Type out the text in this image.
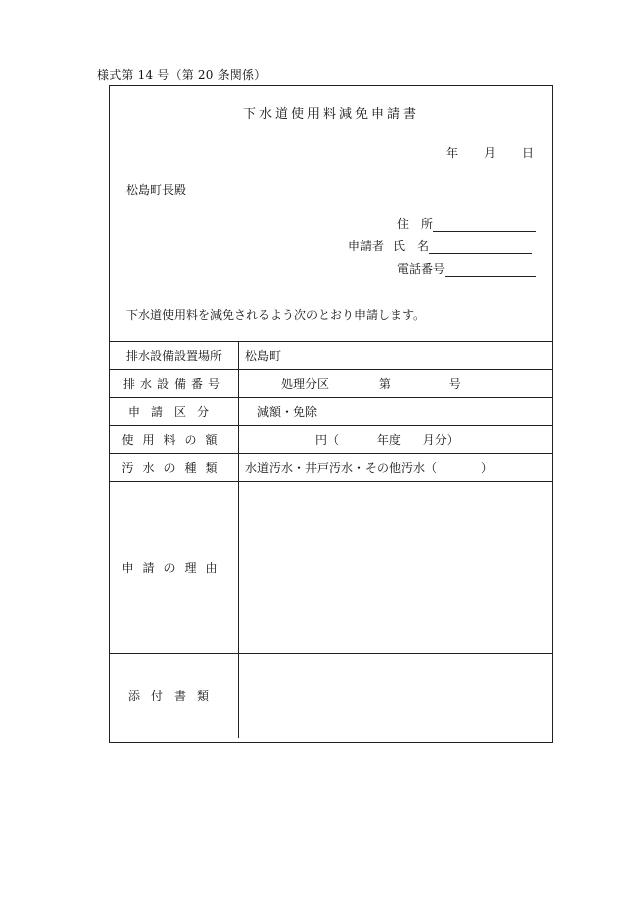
様式第 14 号（第 20 条関係）
下水道使用料減免申請書
年 月 日
松島町長殿
住　所
申請者 氏　名
電話番号
下水道使用料を減免されるよう次のとおり申請します。
排水設備設置場所	松島町
排水設備番号	処理分区 第 号
申請区分	減額・免除
使用料の額	円（ 年度 月分）
汚水の種類	水道汚水・井戸汚水・その他汚水（ ）
申請の理由	
添付書類	
